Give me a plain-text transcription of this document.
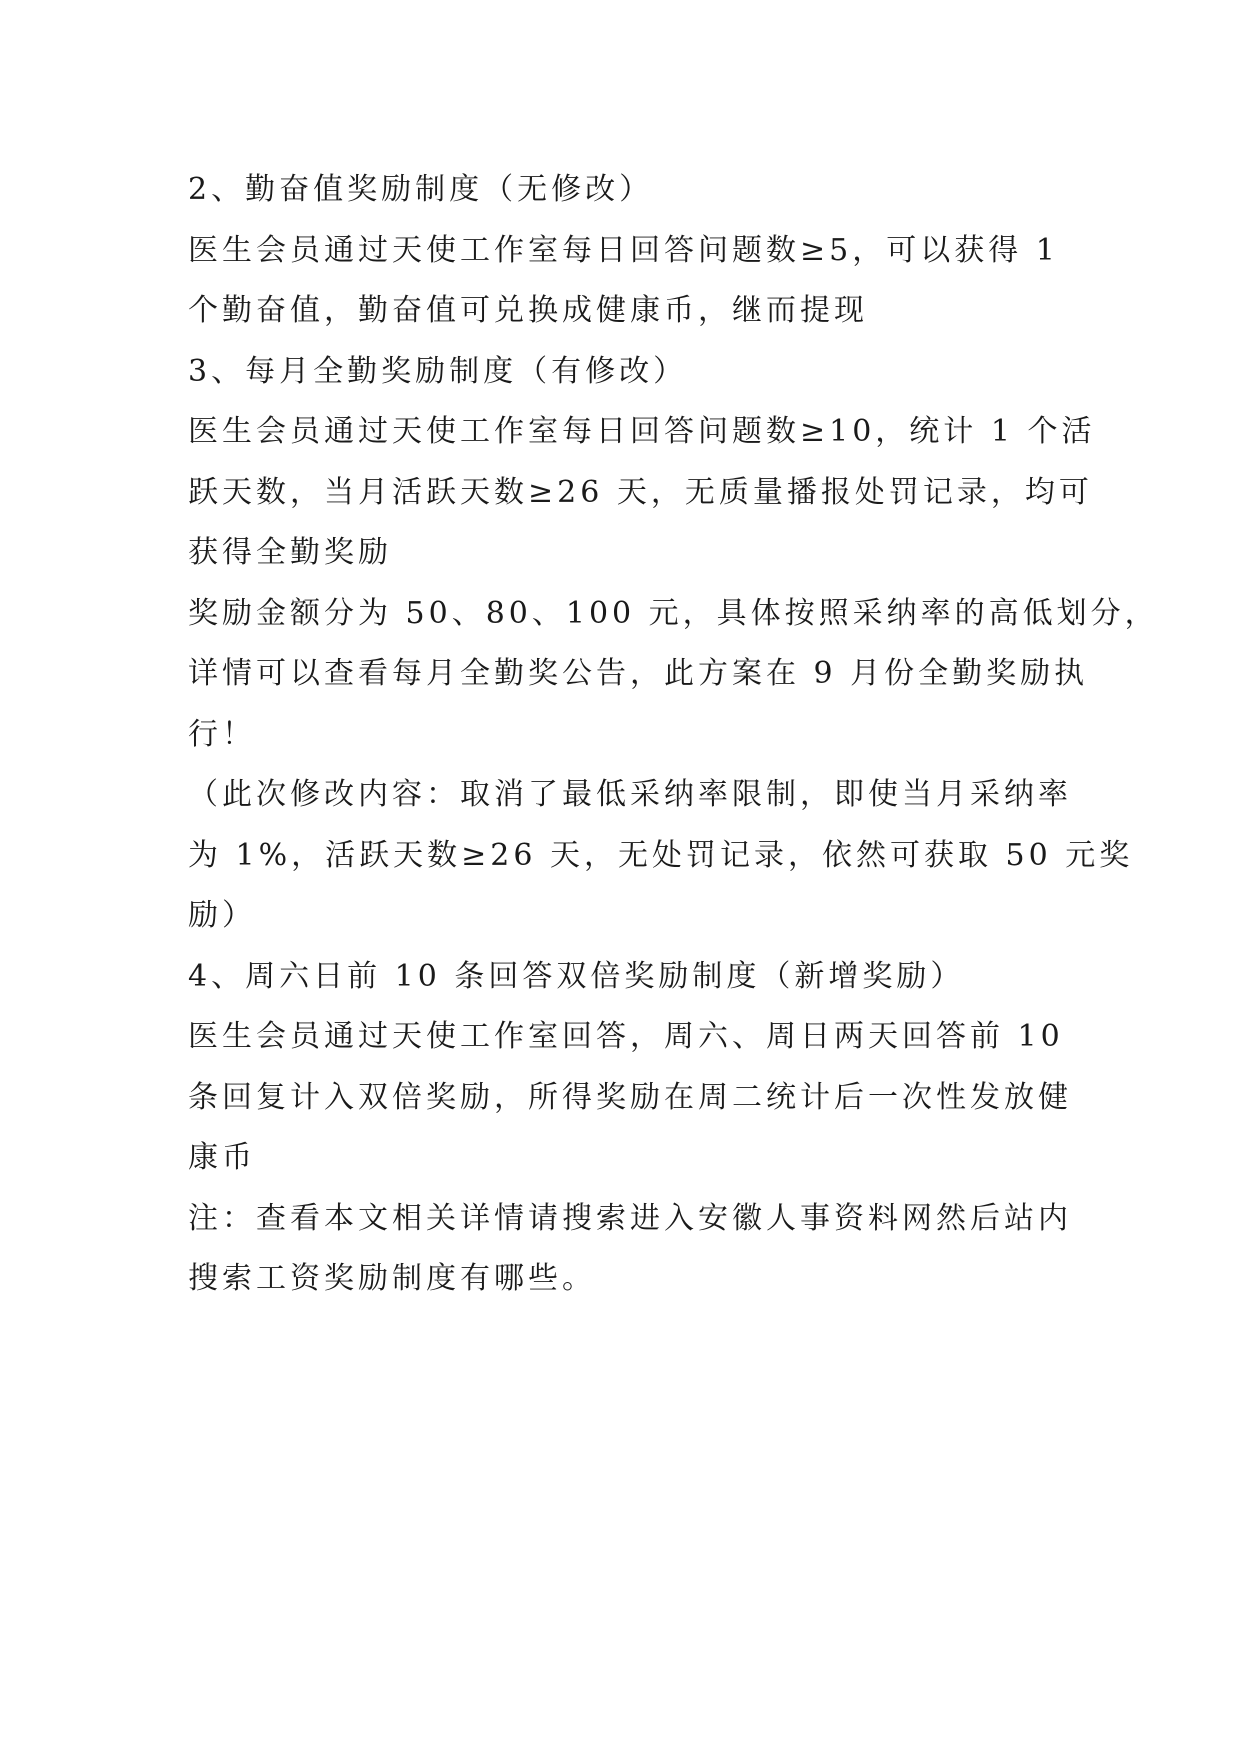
2、勤奋值奖励制度（无修改）
医生会员通过天使工作室每日回答问题数≥5，可以获得 1
个勤奋值，勤奋值可兑换成健康币，继而提现
3、每月全勤奖励制度（有修改）
医生会员通过天使工作室每日回答问题数≥10，统计 1 个活
跃天数，当月活跃天数≥26 天，无质量播报处罚记录，均可
获得全勤奖励
奖励金额分为 50、80、100 元，具体按照采纳率的高低划分，
详情可以查看每月全勤奖公告，此方案在 9 月份全勤奖励执
行！
（此次修改内容：取消了最低采纳率限制，即使当月采纳率
为 1%，活跃天数≥26 天，无处罚记录，依然可获取 50 元奖
励）
4、周六日前 10 条回答双倍奖励制度（新增奖励）
医生会员通过天使工作室回答，周六、周日两天回答前 10
条回复计入双倍奖励，所得奖励在周二统计后一次性发放健
康币
注：查看本文相关详情请搜索进入安徽人事资料网然后站内
搜索工资奖励制度有哪些。
